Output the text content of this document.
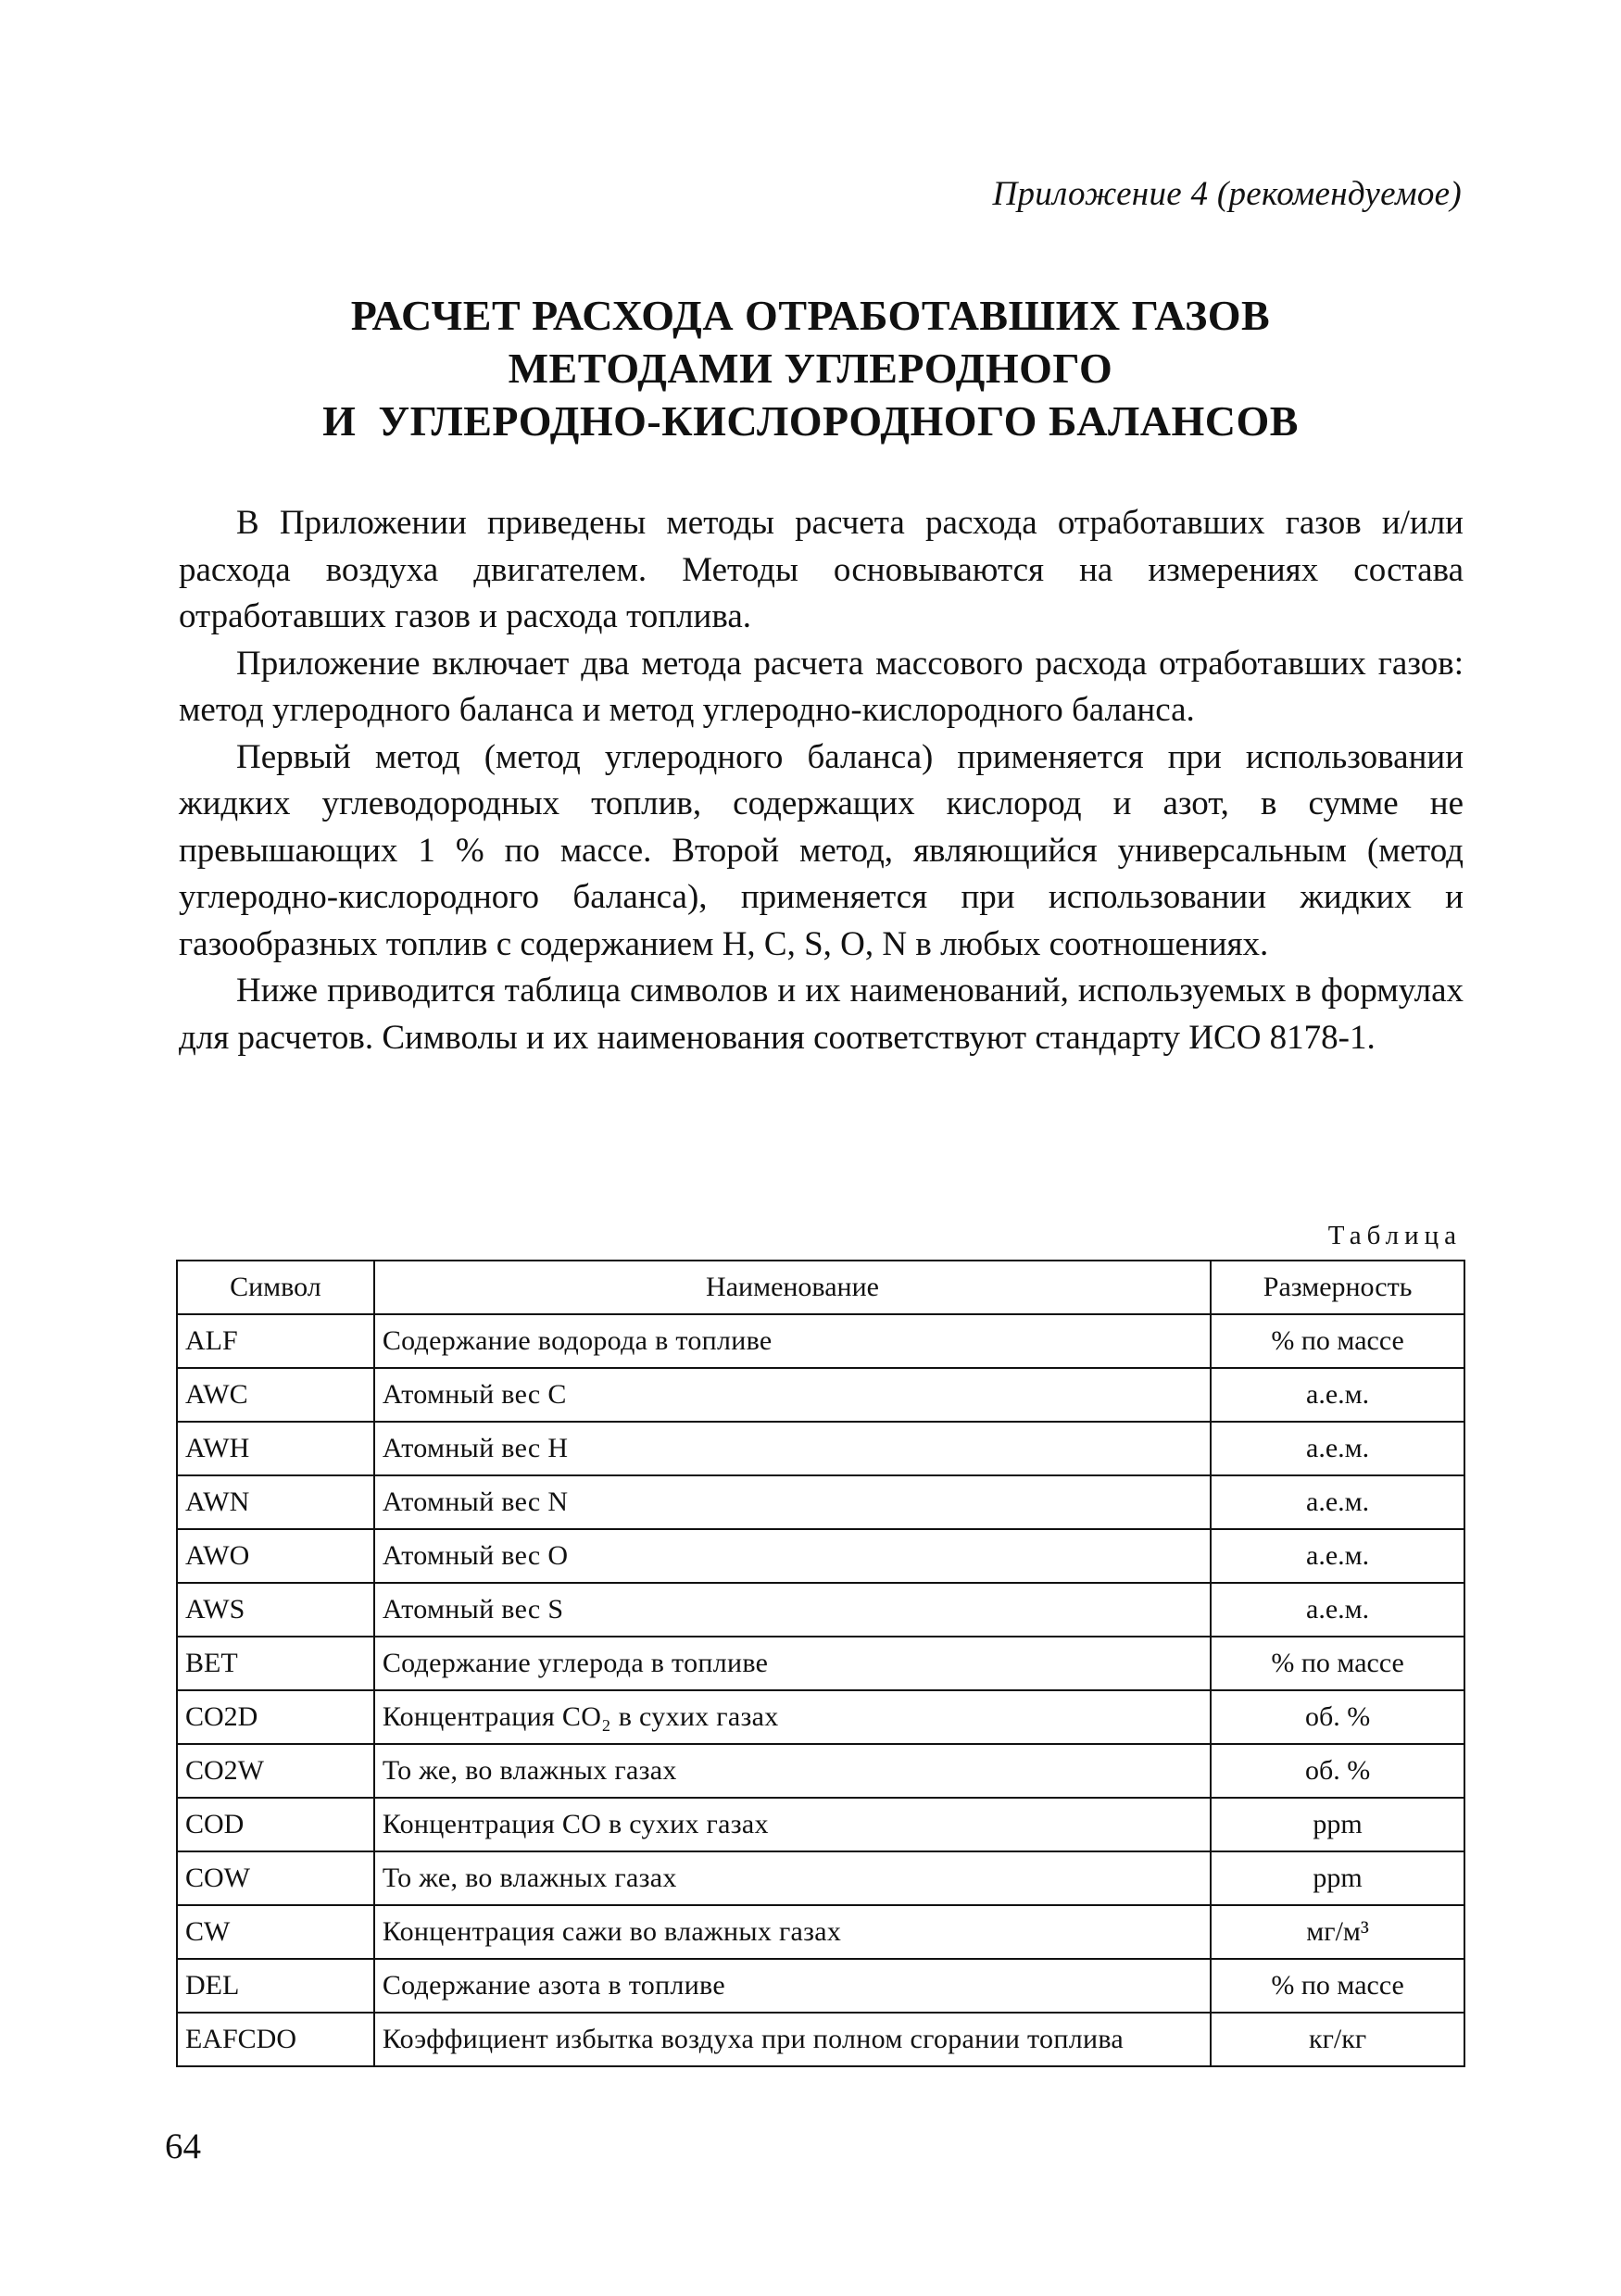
Приложение 4 (рекомендуемое)
РАСЧЕТ РАСХОДА ОТРАБОТАВШИХ ГАЗОВ
МЕТОДАМИ УГЛЕРОДНОГО
И  УГЛЕРОДНО-КИСЛОРОДНОГО БАЛАНСОВ

В Приложении приведены методы расчета расхода отработавших газов и/или расхода воздуха двигателем. Методы основываются на измерениях состава отработавших газов и расхода топлива.

Приложение включает два метода расчета массового расхода отработавших газов: метод углеродного баланса и метод углеродно-кислородного баланса.

Первый метод (метод углеродного баланса) применяется при использовании жидких углеводородных топлив, содержащих кислород и азот, в сумме не превышающих 1 % по массе. Второй метод, являющийся универсальным (метод углеродно-кислородного баланса), применяется при использовании жидких и газообразных топлив с содержанием H, C, S, O, N в любых соотношениях.

Ниже приводится таблица символов и их наименований, используемых в формулах для расчетов. Символы и их наименования соответствуют стандарту ИСО 8178-1.

Таблица
Символ	Наименование	Размерность
ALF	Содержание водорода в топливе	% по массе
AWC	Атомный вес C	а.е.м.
AWH	Атомный вес H	а.е.м.
AWN	Атомный вес N	а.е.м.
AWO	Атомный вес O	а.е.м.
AWS	Атомный вес S	а.е.м.
BET	Содержание углерода в топливе	% по массе
CO2D	Концентрация CO₂ в сухих газах	об. %
CO2W	То же, во влажных газах	об. %
COD	Концентрация CO в сухих газах	ppm
COW	То же, во влажных газах	ppm
CW	Концентрация сажи во влажных газах	мг/м³
DEL	Содержание азота в топливе	% по массе
EAFCDO	Коэффициент избытка воздуха при полном сгорании топлива	кг/кг
64
